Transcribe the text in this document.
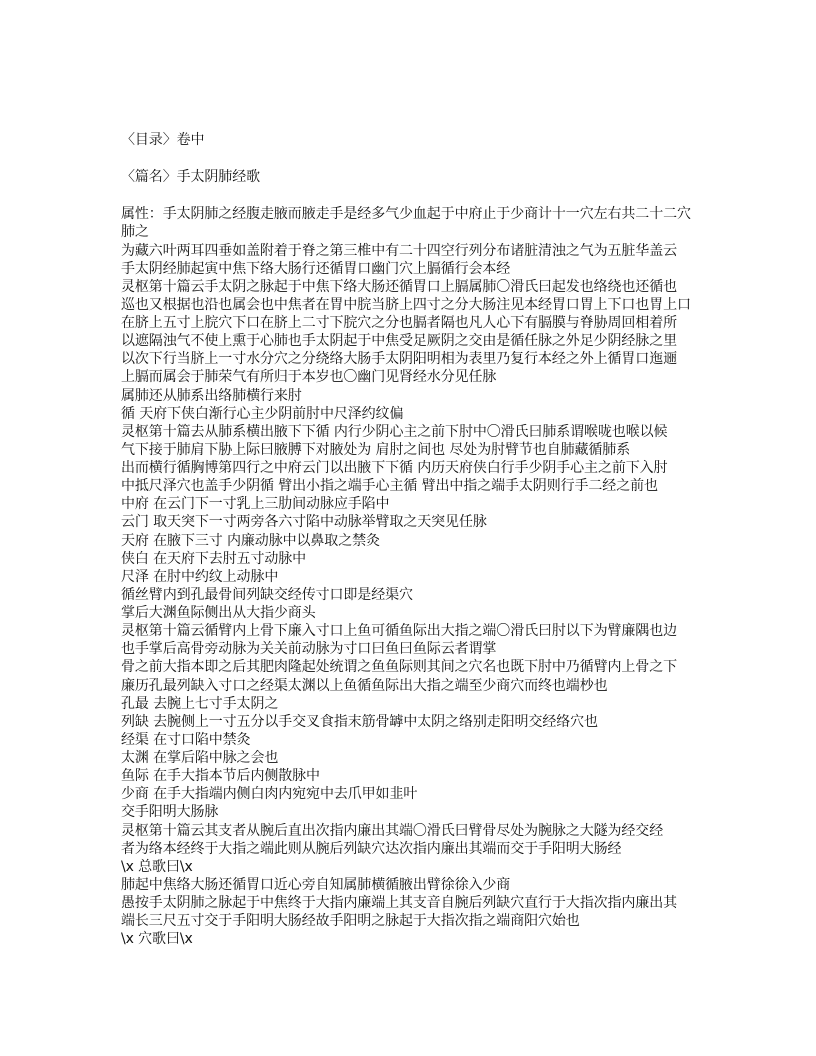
〈目录〉卷中
〈篇名〉手太阴肺经歌
属性：手太阴肺之经腹走腋而腋走手是经多气少血起于中府止于少商计十一穴左右共二十二穴
肺之
为藏六叶两耳四垂如盖附着于脊之第三椎中有二十四空行列分布诸脏清浊之气为五脏华盖云
手太阴经肺起寅中焦下络大肠行还循胃口幽门穴上膈循行会本经
灵枢第十篇云手太阴之脉起于中焦下络大肠还循胃口上膈属肺〇滑氏曰起发也络绕也还循也
巡也又根据也沿也属会也中焦者在胃中脘当脐上四寸之分大肠注见本经胃口胃上下口也胃上口
在脐上五寸上脘穴下口在脐上二寸下脘穴之分也膈者隔也凡人心下有膈膜与脊胁周回相着所
以遮隔浊气不使上熏于心肺也手太阴起于中焦受足厥阴之交由是循任脉之外足少阴经脉之里
以次下行当脐上一寸水分穴之分绕络大肠手太阴阳明相为表里乃复行本经之外上循胃口迤逦
上膈而属会于肺荣气有所归于本岁也〇幽门见肾经水分见任脉
属肺还从肺系出络肺横行来肘
循 天府下侠白渐行心主少阴前肘中尺泽约纹偏
灵枢第十篇去从肺系横出腋下下循 内行少阴心主之前下肘中〇滑氏曰肺系谓喉咙也喉以候
气下接于肺肩下胁上际曰腋膊下对腋处为 肩肘之间也 尽处为肘臂节也自肺藏循肺系
出而横行循胸博第四行之中府云门以出腋下下循 内历天府侠白行手少阴手心主之前下入肘
中抵尺泽穴也盖手少阴循 臂出小指之端手心主循 臂出中指之端手太阴则行手二经之前也
中府 在云门下一寸乳上三肋间动脉应手陷中
云门 取天突下一寸两旁各六寸陷中动脉举臂取之天突见任脉
天府 在腋下三寸 内廉动脉中以鼻取之禁灸
侠白 在天府下去肘五寸动脉中
尺泽 在肘中约纹上动脉中
循丝臂内到孔最骨间列缺交经传寸口即是经渠穴
掌后大渊鱼际侧出从大指少商头
灵枢第十篇云循臂内上骨下廉入寸口上鱼可循鱼际出大指之端〇滑氏曰肘以下为臂廉隅也边
也手掌后高骨旁动脉为关关前动脉为寸口曰鱼曰鱼际云者谓掌
骨之前大指本即之后其肥肉隆起处统谓之鱼鱼际则其间之穴名也既下肘中乃循臂内上骨之下
廉历孔最列缺入寸口之经渠太渊以上鱼循鱼际出大指之端至少商穴而终也端杪也
孔最 去腕上七寸手太阴之
列缺 去腕侧上一寸五分以手交叉食指末筋骨罅中太阴之络别走阳明交经络穴也
经渠 在寸口陷中禁灸
太渊 在掌后陷中脉之会也
鱼际 在手大指本节后内侧散脉中
少商 在手大指端内侧白肉内宛宛中去爪甲如韭叶
交手阳明大肠脉
灵枢第十篇云其支者从腕后直出次指内廉出其端〇滑氏曰臂骨尽处为腕脉之大隧为经交经
者为络本经终于大指之端此则从腕后列缺穴达次指内廉出其端而交于手阳明大肠经
\x 总歌曰\x
肺起中焦络大肠还循胃口近心旁自知属肺横循腋出臂徐徐入少商
愚按手太阴肺之脉起于中焦终于大指内廉端上其支音自腕后列缺穴直行于大指次指内廉出其
端长三尺五寸交于手阳明大肠经故手阳明之脉起于大指次指之端商阳穴始也
\x 穴歌曰\x
